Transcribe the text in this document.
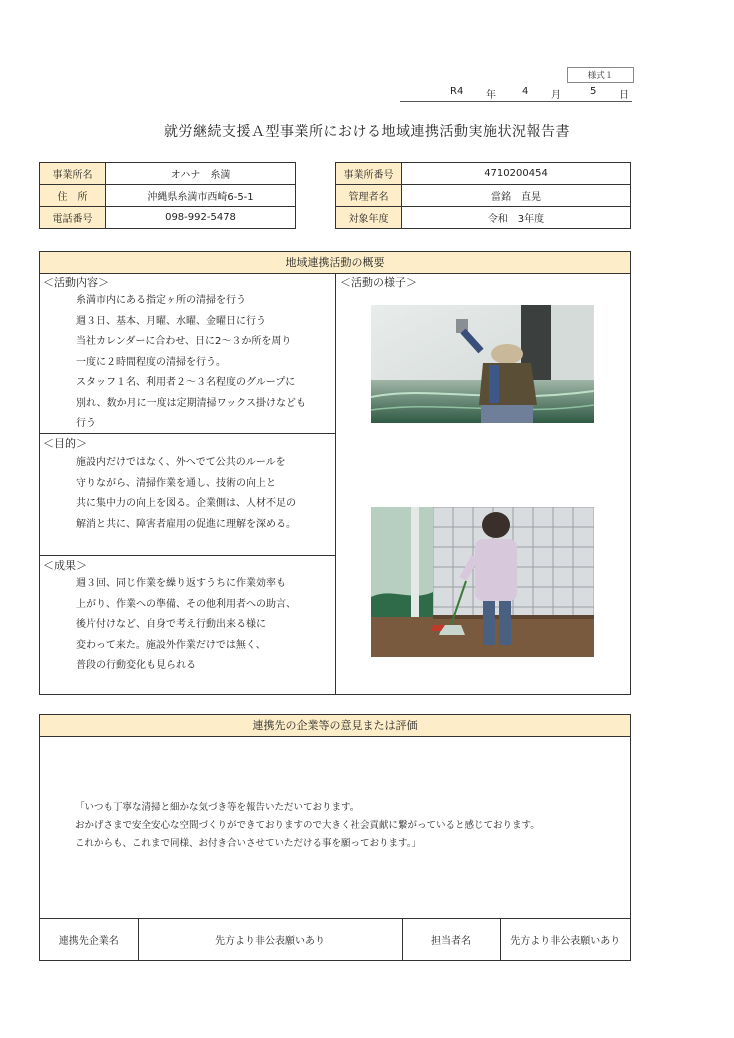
様式１
R4 年	4 月	5 日
就労継続支援Ａ型事業所における地域連携活動実施状況報告書
事業所名	オハナ　糸満
住　所	沖縄県糸満市西崎6-5-1
電話番号	098-992-5478
事業所番号	4710200454
管理者名	當銘　直晃
対象年度	令和　3年度
地域連携活動の概要
＜活動内容＞
糸満市内にある指定ヶ所の清掃を行う
週３日、基本、月曜、水曜、金曜日に行う
当社カレンダーに合わせ、日に2～３か所を周り
一度に２時間程度の清掃を行う。
スタッフ１名、利用者２～３名程度のグループに
別れ、数か月に一度は定期清掃ワックス掛けなども
行う
＜目的＞
施設内だけではなく、外へでて公共のルールを
守りながら、清掃作業を通し、技術の向上と
共に集中力の向上を図る。企業側は、人材不足の
解消と共に、障害者雇用の促進に理解を深める。
＜成果＞
週３回、同じ作業を繰り返すうちに作業効率も
上がり、作業への準備、その他利用者への助言、
後片付けなど、自身で考え行動出来る様に
変わって来た。施設外作業だけでは無く、
普段の行動変化も見られる
＜活動の様子＞
連携先の企業等の意見または評価
「いつも丁寧な清掃と細かな気づき等を報告いただいております。
おかげさまで安全安心な空間づくりができておりますので大きく社会貢献に繋がっていると感じております。
これからも、これまで同様、お付き合いさせていただける事を願っております。」
連携先企業名	先方より非公表願いあり	担当者名	先方より非公表願いあり
